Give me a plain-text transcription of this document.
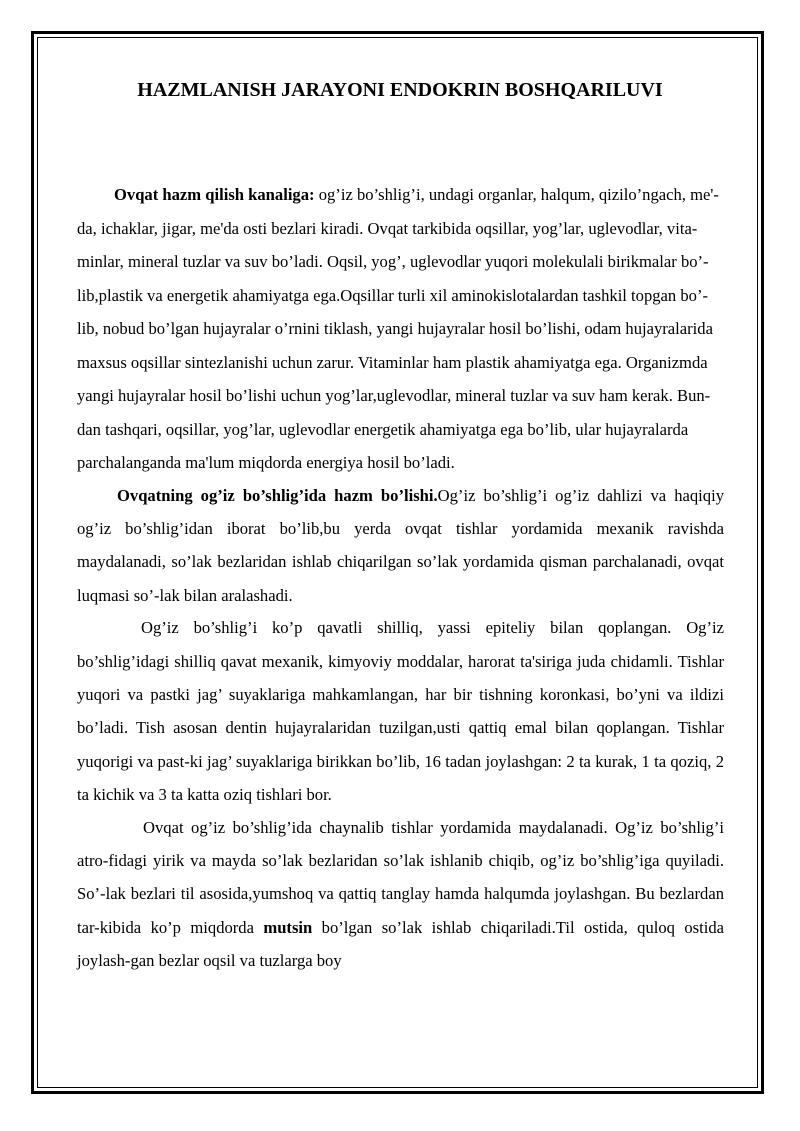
HAZMLANISH JARAYONI ENDOKRIN BOSHQARILUVI

Ovqat hazm qilish kanaliga: og’iz bo’shlig’i, undagi organlar, halqum, qizilo’ngach, me'-da, ichaklar, jigar, me'da osti bezlari kiradi. Ovqat tarkibida oqsillar, yog’lar, uglevodlar, vita-minlar, mineral tuzlar va suv bo’ladi. Oqsil, yog’, uglevodlar yuqori molekulali birikmalar bo’-lib,plastik va energetik ahamiyatga ega.Oqsillar turli xil aminokislotalardan tashkil topgan bo’-lib, nobud bo’lgan hujayralar o’rnini tiklash, yangi hujayralar hosil bo’lishi, odam hujayralarida maxsus oqsillar sintezlanishi uchun zarur. Vitaminlar ham plastik ahamiyatga ega. Organizmda yangi hujayralar hosil bo’lishi uchun yog’lar,uglevodlar, mineral tuzlar va suv ham kerak. Bun-dan tashqari, oqsillar, yog’lar, uglevodlar energetik ahamiyatga ega bo’lib, ular hujayralarda parchalanganda ma'lum miqdorda energiya hosil bo’ladi.

Ovqatning og’iz bo’shlig’ida hazm bo’lishi.Og’iz bo’shlig’i og’iz dahlizi va haqiqiy og’iz bo’shlig’idan iborat bo’lib,bu yerda ovqat tishlar yordamida mexanik ravishda maydalanadi, so’lak bezlaridan ishlab chiqarilgan so’lak yordamida qisman parchalanadi, ovqat luqmasi so’-lak bilan aralashadi.

Og’iz bo’shlig’i ko’p qavatli shilliq, yassi epiteliy bilan qoplangan. Og’iz bo’shlig’idagi shilliq qavat mexanik, kimyoviy moddalar, harorat ta'siriga juda chidamli. Tishlar yuqori va pastki jag’ suyaklariga mahkamlangan, har bir tishning koronkasi, bo’yni va ildizi bo’ladi. Tish asosan dentin hujayralaridan tuzilgan,usti qattiq emal bilan qoplangan. Tishlar yuqorigi va past-ki jag’ suyaklariga birikkan bo’lib, 16 tadan joylashgan: 2 ta kurak, 1 ta qoziq, 2 ta kichik va 3 ta katta oziq tishlari bor.

Ovqat og’iz bo’shlig’ida chaynalib tishlar yordamida maydalanadi. Og’iz bo’shlig’i atro-fidagi yirik va mayda so’lak bezlaridan so’lak ishlanib chiqib, og’iz bo’shlig’iga quyiladi. So’-lak bezlari til asosida,yumshoq va qattiq tanglay hamda halqumda joylashgan. Bu bezlardan tar-kibida ko’p miqdorda mutsin bo’lgan so’lak ishlab chiqariladi.Til ostida, quloq ostida joylash-gan bezlar oqsil va tuzlarga boy
